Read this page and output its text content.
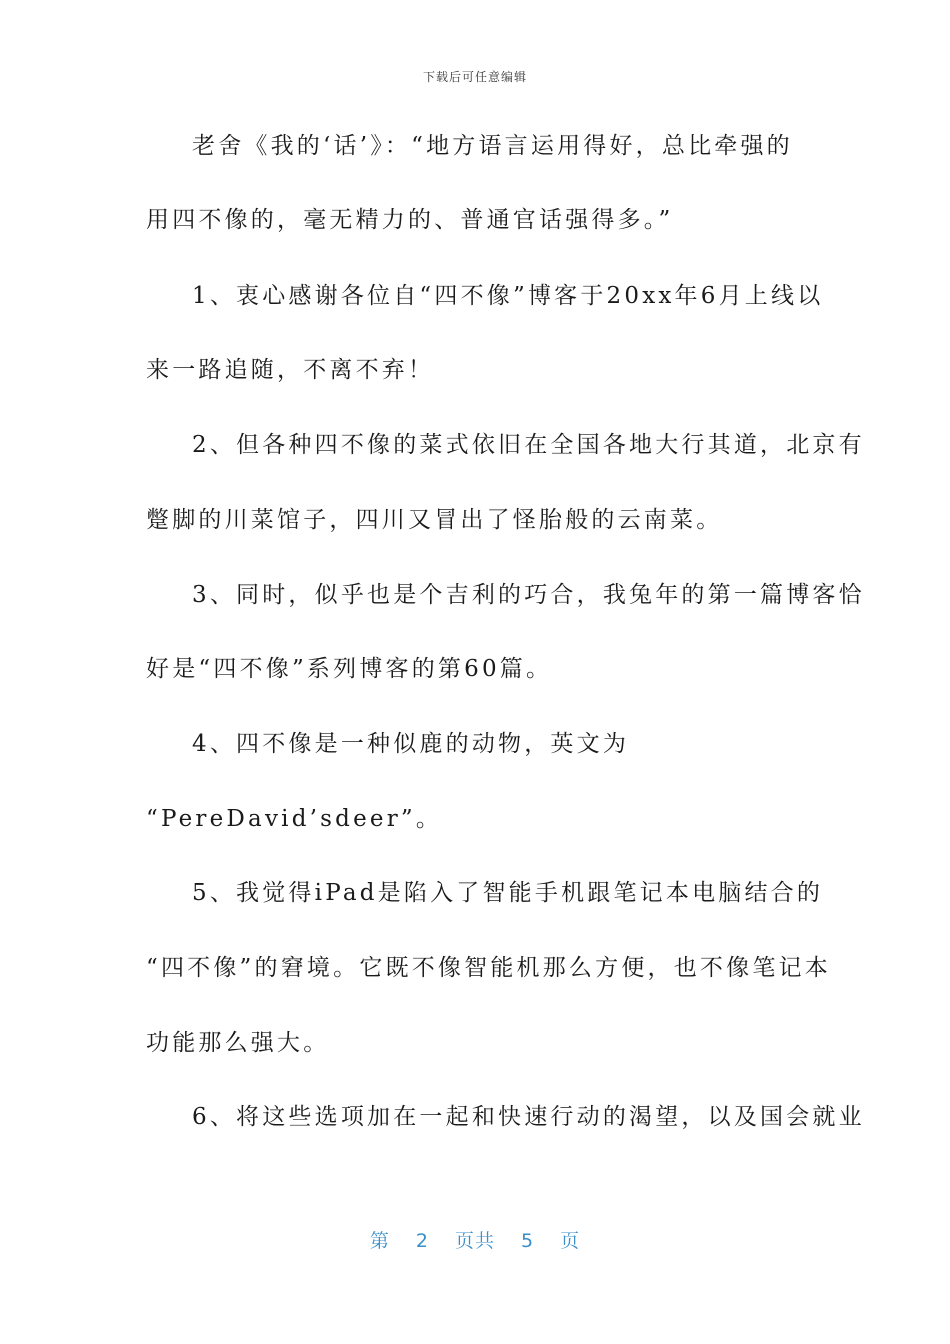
下载后可任意编辑
老舍《我的‘话’》：“地方语言运用得好，总比牵强的
用四不像的，毫无精力的、普通官话强得多。”
1、衷心感谢各位自“四不像”博客于20xx年6月上线以
来一路追随，不离不弃！
2、但各种四不像的菜式依旧在全国各地大行其道，北京有
蹩脚的川菜馆子，四川又冒出了怪胎般的云南菜。
3、同时，似乎也是个吉利的巧合，我兔年的第一篇博客恰
好是“四不像”系列博客的第60篇。
4、四不像是一种似鹿的动物，英文为
“PereDavid’sdeer”。
5、我觉得iPad是陷入了智能手机跟笔记本电脑结合的
“四不像”的窘境。它既不像智能机那么方便，也不像笔记本
功能那么强大。
6、将这些选项加在一起和快速行动的渴望，以及国会就业
第 2 页共 5 页
